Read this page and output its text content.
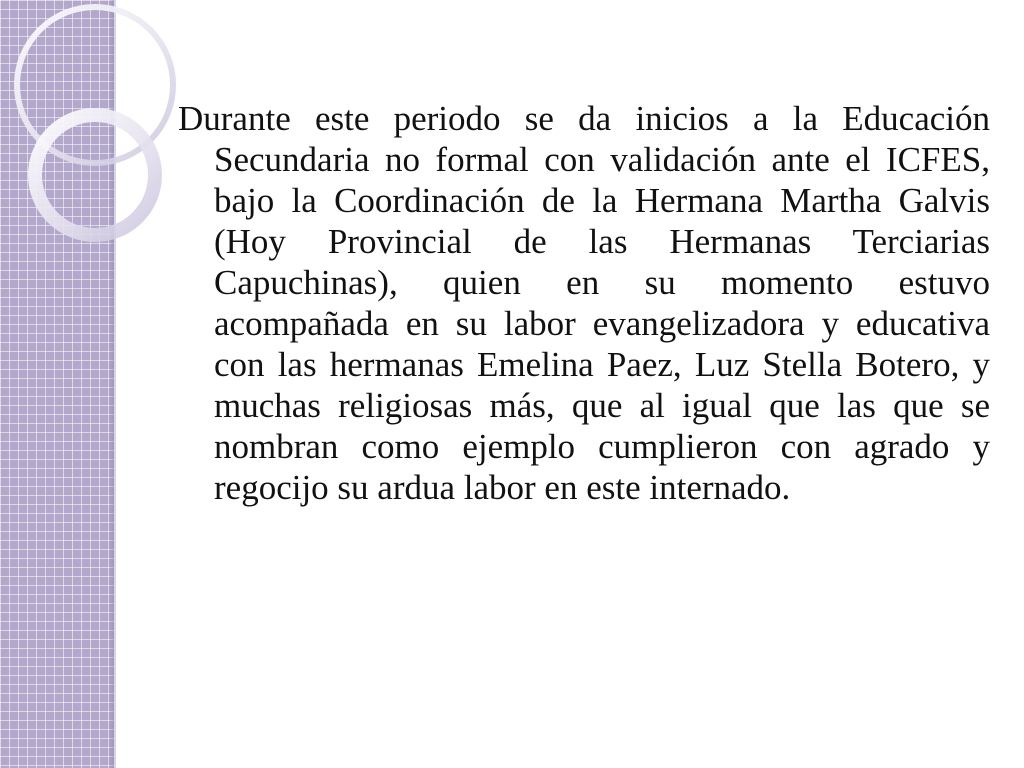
Durante este periodo se da inicios a la Educación Secundaria no formal con validación ante el ICFES, bajo la Coordinación de la Hermana Martha Galvis (Hoy Provincial de las Hermanas Terciarias Capuchinas), quien en su momento estuvo acompañada en su labor evangelizadora y educativa con las hermanas Emelina Paez, Luz Stella Botero, y muchas religiosas más, que al igual que las que se nombran como ejemplo cumplieron con agrado y regocijo su ardua labor en este internado.
